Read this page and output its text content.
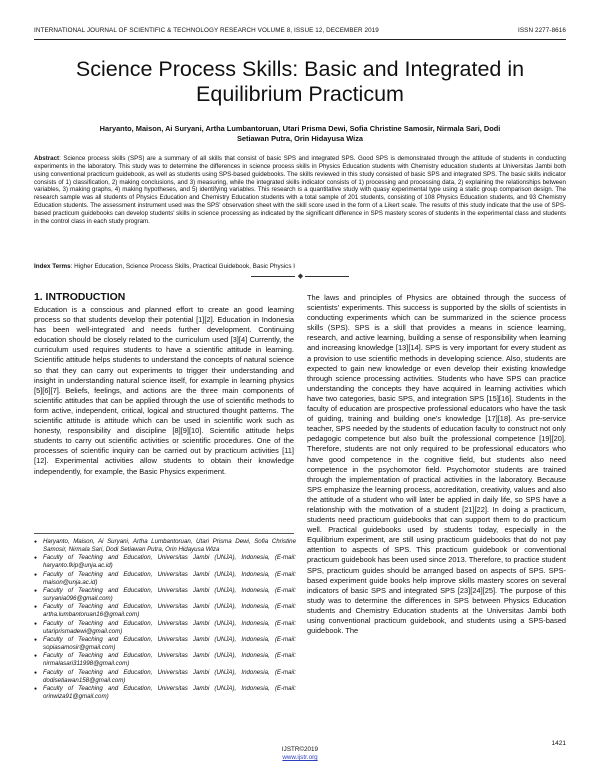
INTERNATIONAL JOURNAL OF SCIENTIFIC & TECHNOLOGY RESEARCH VOLUME 8, ISSUE 12, DECEMBER 2019	ISSN 2277-8616
Science Process Skills: Basic and Integrated in
Equilibrium Practicum
Haryanto, Maison, Ai Suryani, Artha Lumbantoruan, Utari Prisma Dewi, Sofia Christine Samosir, Nirmala Sari, Dodi
Setiawan Putra, Orin Hidayusa Wiza
Abstract: Science process skills (SPS) are a summary of all skills that consist of basic SPS and integrated SPS. Good SPS is demonstrated through the attitude of students in conducting experiments in the laboratory. This study was to determine the differences in science process skills in Physics Education students with Chemistry education students at Universitas Jambi both using conventional practicum guidebook, as well as students using SPS-based guidebooks. The skills reviewed in this study consisted of basic SPS and integrated SPS. The basic skills indicator consists of 1) classification, 2) making conclusions, and 3) measuring, while the integrated skills indicator consists of 1) processing and processing data, 2) explaining the relationships between variables, 3) making graphs, 4) making hypotheses, and 5) identifying variables. This research is a quantitative study with quasy experimental type using a static group comparison design. The research sample was all students of Physics Education and Chemistry Education students with a total sample of 201 students, consisting of 108 Physics Education students, and 93 Chemistry Education students. The assessment instrument used was the SPS' observation sheet with the skill score used in the form of a Likert scale. The results of this study indicate that the use of SPS-based practicum guidebooks can develop students' skills in science processing as indicated by the significant difference in SPS mastery scores of students in the experimental class and students in the control class in each study program.
Index Terms: Higher Education, Science Process Skills, Practical Guidebook, Basic Physics I
◆
1. INTRODUCTION
Education is a conscious and planned effort to create an good learning process so that students develop their potential [1][2]. Education in Indonesia has been well-integrated and needs further development. Continuing education should be closely related to the curriculum used [3][4] Currently, the curriculum used requires students to have a scientific attitude in learning. Scientific attitude helps students to understand the concepts of natural science so that they can carry out experiments to trigger their understanding and insight in understanding natural science itself, for example in learning physics [5][6][7]. Beliefs, feelings, and actions are the three main components of scientific attitudes that can be applied through the use of scientific methods to form active, independent, critical, logical and structured thought patterns. The scientific attitude is attitude which can be used in scientific work such as honesty, responsibility and discipline [8][9][10]. Scientific attitude helps students to carry out scientific activities or scientific procedures. One of the processes of scientific inquiry can be carried out by practicum activities [11][12]. Experimental activities allow students to obtain their knowledge independently, for example, the Basic Physics experiment.
The laws and principles of Physics are obtained through the success of scientists' experiments. This success is supported by the skills of scientists in conducting experiments which can be summarized in the science process skills (SPS). SPS is a skill that provides a means in science learning, research, and active learning, building a sense of responsibility when learning and increasing knowledge [13][14]. SPS is very important for every student as a provision to use scientific methods in developing science. Also, students are expected to gain new knowledge or even develop their existing knowledge through science processing activities. Students who have SPS can practice understanding the concepts they have acquired in learning activities which have two categories, basic SPS, and integration SPS [15][16]. Students in the faculty of education are prospective professional educators who have the task of guiding, training and building one's knowledge [17][18]. As pre-service teacher, SPS needed by the students of education faculty to construct not only pedagogic competence but also built the professional competence [19][20]. Therefore, students are not only required to be professional educators who have good competence in the cognitive field, but students also need competence in the psychomotor field. Psychomotor students are trained through the implementation of practical activities in the laboratory. Because SPS emphasize the learning process, accreditation, creativity, values and also the attitude of a student who will later be applied in daily life, so SPS have a relationship with the motivation of a student [21][22]. In doing a practicum, students need practicum guidebooks that can support them to do practicum well. Practical guidebooks used by students today, especially in the Equilibrium experiment, are still using practicum guidebooks that do not pay attention to aspects of SPS. This practicum guidebook or conventional practicum guidebook has been used since 2013. Therefore, to practice student SPS, practicum guides should be arranged based on aspects of SPS. SPS-based experiment guide books help improve skills mastery scores on several indicators of basic SPS and integrated SPS [23][24][25]. The purpose of this study was to determine the differences in SPS between Physics Education students and Chemistry Education students at the Universitas Jambi both using conventional practicum guidebook, and students using a SPS-based guidebook. The
● Haryanto, Maison, Ai Suryani, Artha Lumbantoruan, Utari Prisma Dewi, Sofia Christine Samosir, Nirmala Sari, Dodi Setiawan Putra, Orin Hidayusa Wiza
● Faculty of Teaching and Education, Universitas Jambi (UNJA), Indonesia, (E-mail: haryanto.fkip@unja.ac.id)
● Faculty of Teaching and Education, Universitas Jambi (UNJA), Indonesia, (E-mail: maison@unja.ac.id)
● Faculty of Teaching and Education, Universitas Jambi (UNJA), Indonesia, (E-mail: suryania096@gmail.com)
● Faculty of Teaching and Education, Universitas Jambi (UNJA), Indonesia, (E-mail: artha.lumbantoruan16@gmail.com)
● Faculty of Teaching and Education, Universitas Jambi (UNJA), Indonesia, (E-mail: utariprismadewi@gmail.com)
● Faculty of Teaching and Education, Universitas Jambi (UNJA), Indonesia, (E-mail: sopiasamosir@gmail.com)
● Faculty of Teaching and Education, Universitas Jambi (UNJA), Indonesia, (E-mail: nirmalasari311998@gmail.com)
● Faculty of Teaching and Education, Universitas Jambi (UNJA), Indonesia, (E-mail: dodisetiawan158@gmail.com)
● Faculty of Teaching and Education, Universitas Jambi (UNJA), Indonesia, (E-mail: orinwiza91@gmail.com)
IJSTR©2019
www.ijstr.org
1421
